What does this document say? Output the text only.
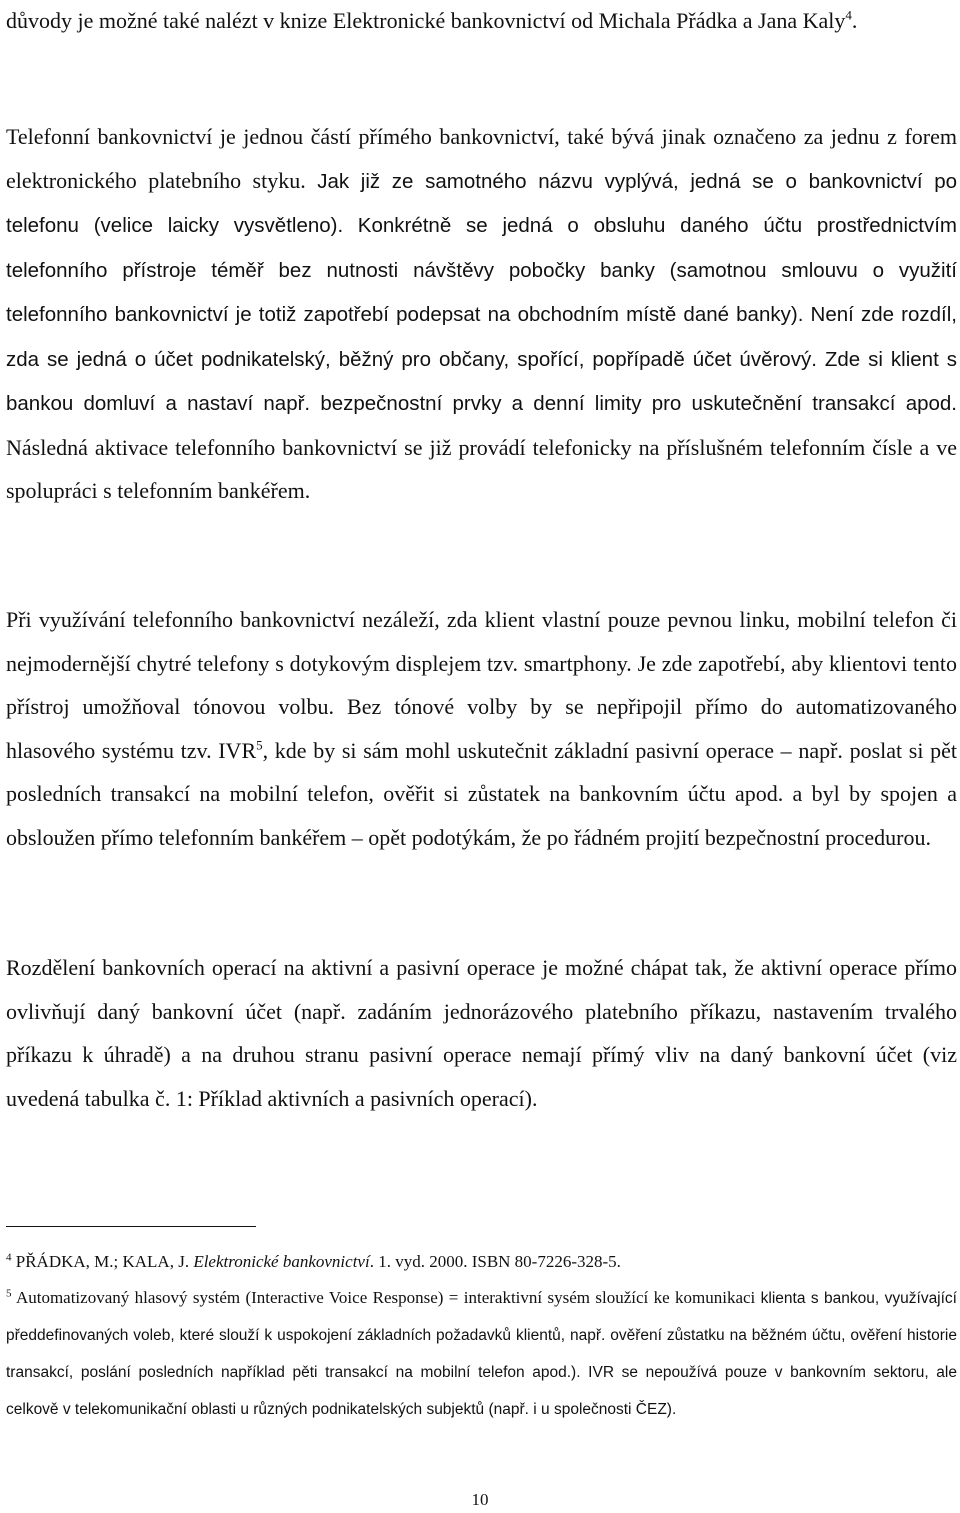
důvody je možné také nalézt v knize Elektronické bankovnictví od Michala Přádka a Jana Kaly$^4$.

Telefonní bankovnictví je jednou částí přímého bankovnictví, také bývá jinak označeno za jednu z forem elektronického platebního styku. Jak již ze samotného názvu vyplývá, jedná se o bankovnictví po telefonu (velice laicky vysvětleno). Konkrétně se jedná o obsluhu daného účtu prostřednictvím telefonního přístroje téměř bez nutnosti návštěvy pobočky banky (samotnou smlouvu o využití telefonního bankovnictví je totiž zapotřebí podepsat na obchodním místě dané banky). Není zde rozdíl, zda se jedná o účet podnikatelský, běžný pro občany, spořící, popřípadě účet úvěrový. Zde si klient s bankou domluví a nastaví např. bezpečnostní prvky a denní limity pro uskutečnění transakcí apod. Následná aktivace telefonního bankovnictví se již provádí telefonicky na příslušném telefonním čísle a ve spolupráci s telefonním bankéřem.

Při využívání telefonního bankovnictví nezáleží, zda klient vlastní pouze pevnou linku, mobilní telefon či nejmodernější chytré telefony s dotykovým displejem tzv. smartphony. Je zde zapotřebí, aby klientovi tento přístroj umožňoval tónovou volbu. Bez tónové volby by se nepřipojil přímo do automatizovaného hlasového systému tzv. IVR$^5$, kde by si sám mohl uskutečnit základní pasivní operace – např. poslat si pět posledních transakcí na mobilní telefon, ověřit si zůstatek na bankovním účtu apod. a byl by spojen a obsloužen přímo telefonním bankéřem – opět podotýkám, že po řádném projití bezpečnostní procedurou.

Rozdělení bankovních operací na aktivní a pasivní operace je možné chápat tak, že aktivní operace přímo ovlivňují daný bankovní účet (např. zadáním jednorázového platebního příkazu, nastavením trvalého příkazu k úhradě) a na druhou stranu pasivní operace nemají přímý vliv na daný bankovní účet (viz uvedená tabulka č. 1: Příklad aktivních a pasivních operací).

$^4$ PŘÁDKA, M.; KALA, J. Elektronické bankovnictví. 1. vyd. 2000. ISBN 80-7226-328-5.

$^5$ Automatizovaný hlasový systém (Interactive Voice Response) = interaktivní sysém sloužící ke komunikaci klienta s bankou, využívající předdefinovaných voleb, které slouží k uspokojení základních požadavků klientů, např. ověření zůstatku na běžném účtu, ověření historie transakcí, poslání posledních například pěti transakcí na mobilní telefon apod.). IVR se nepoužívá pouze v bankovním sektoru, ale celkově v telekomunikační oblasti u různých podnikatelských subjektů (např. i u společnosti ČEZ).

10
